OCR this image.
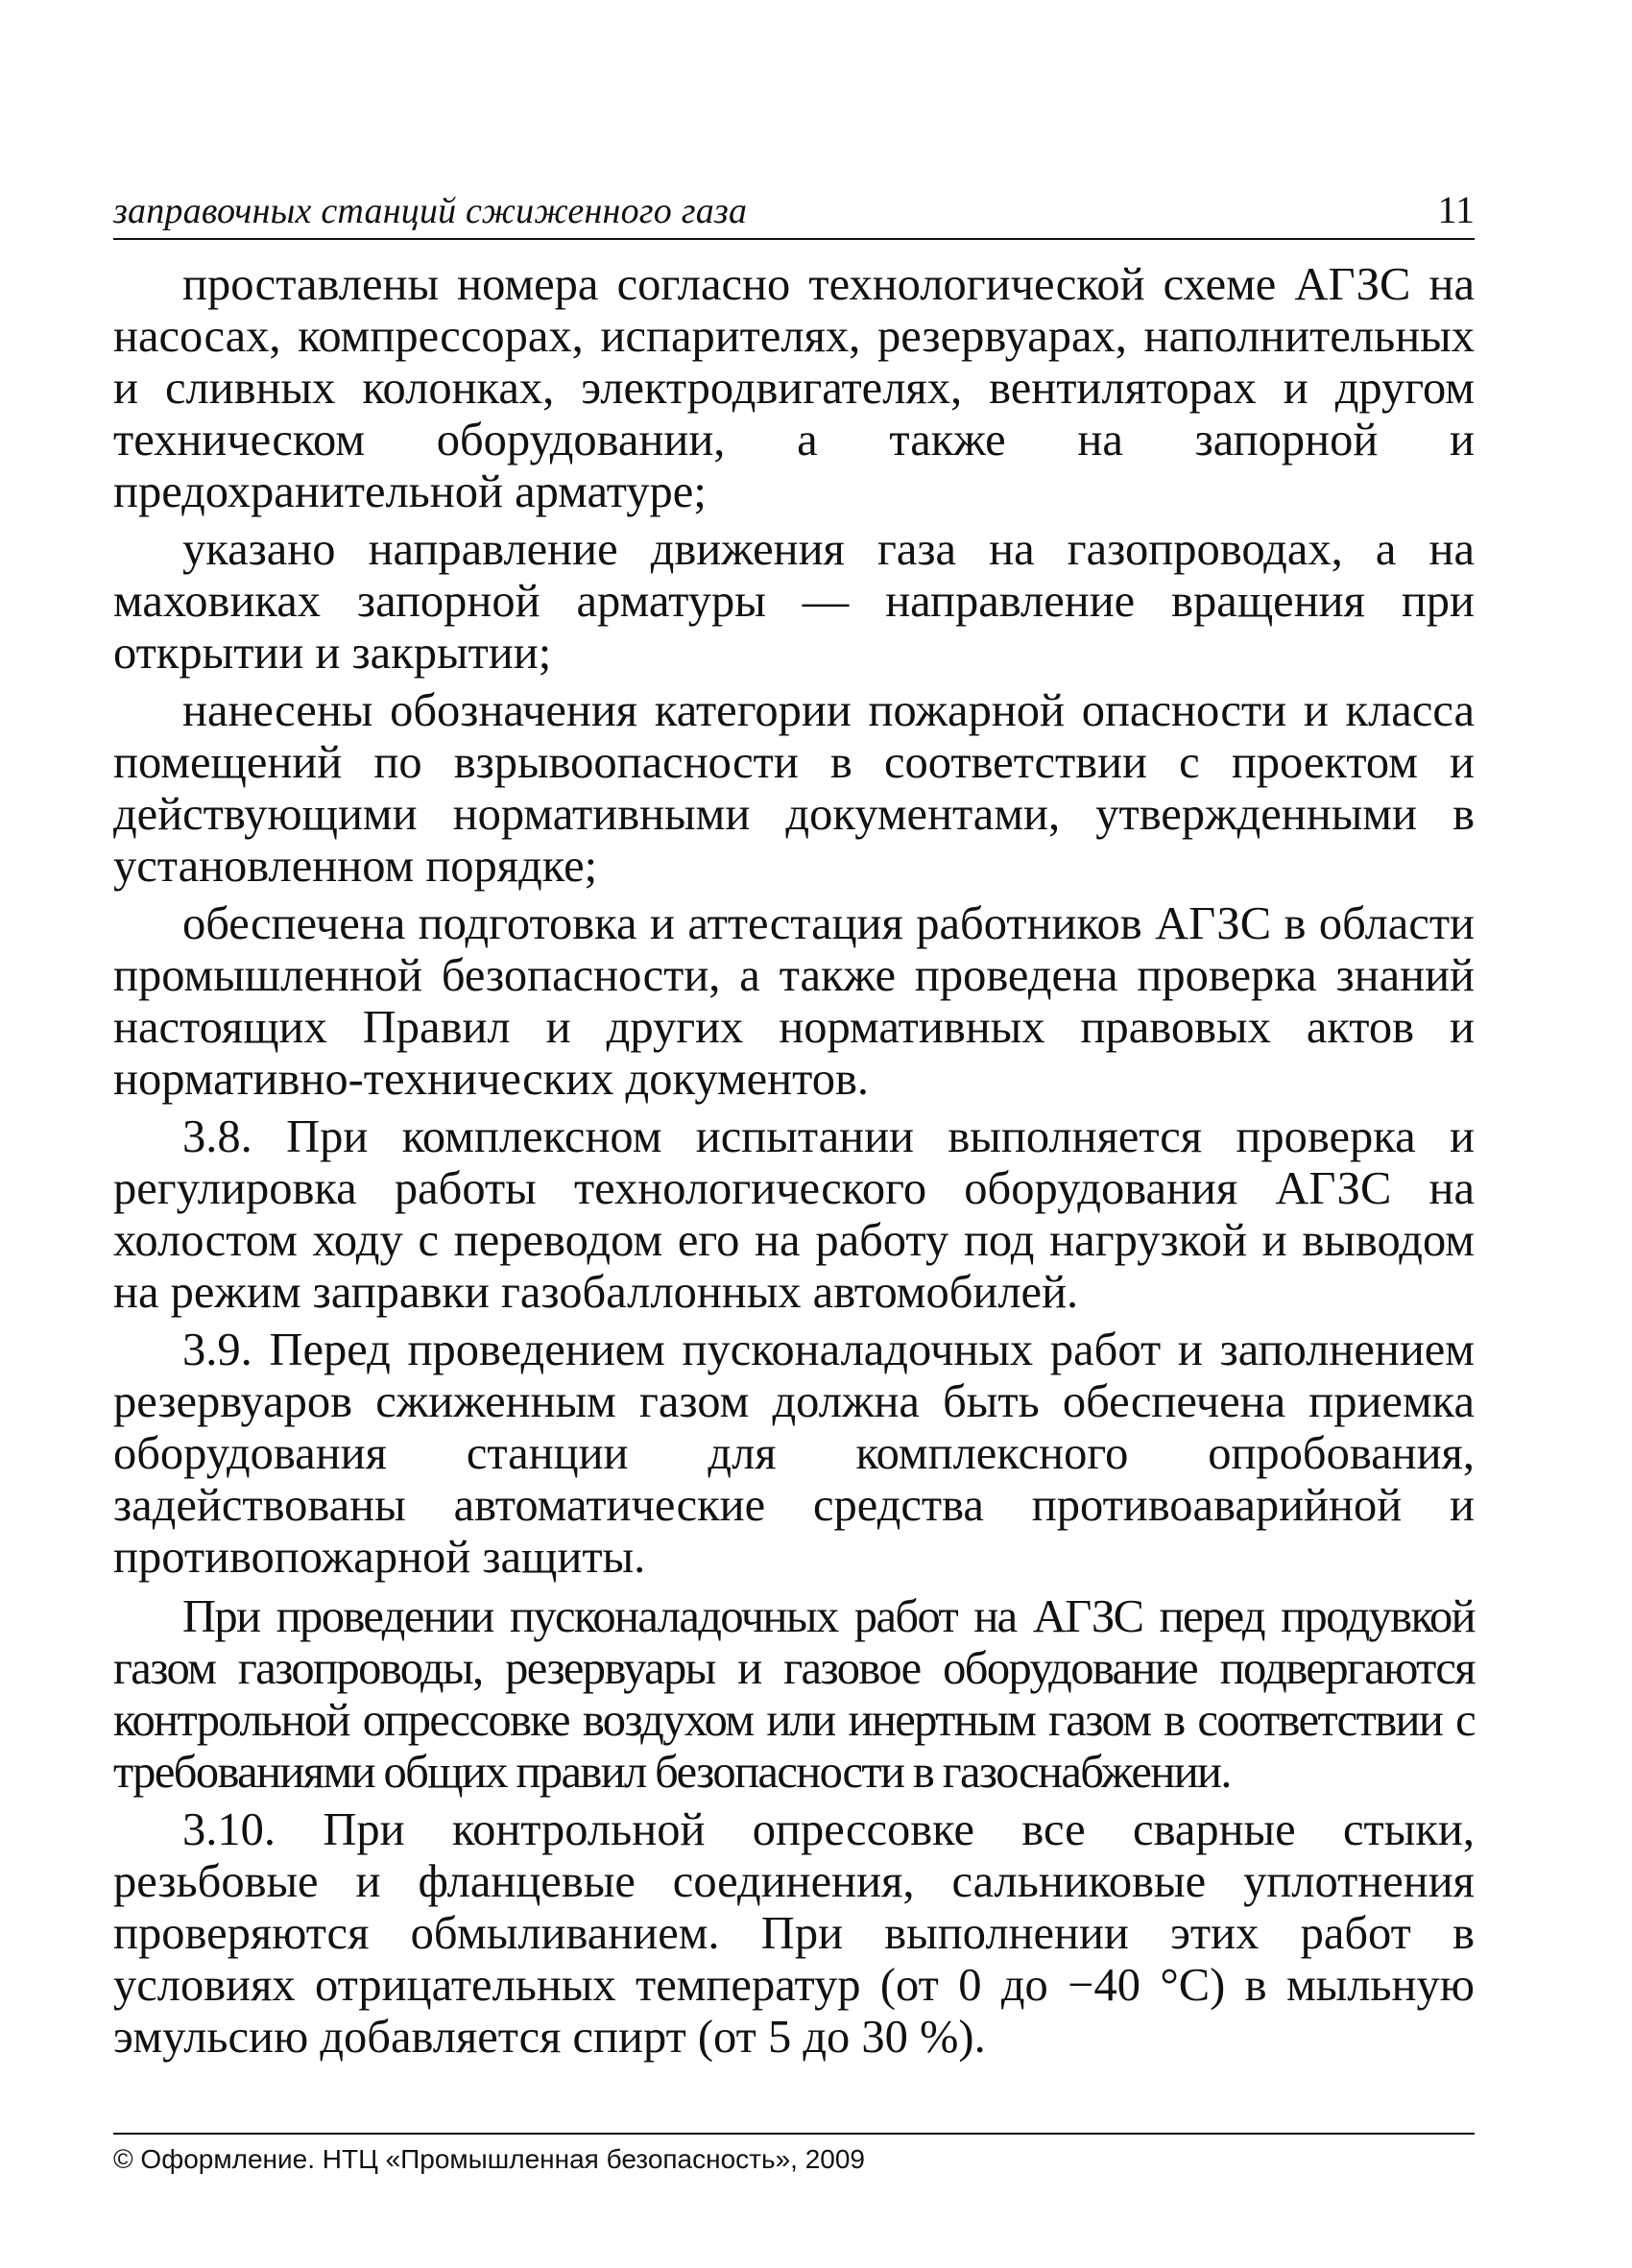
заправочных станций сжиженного газа	11

проставлены номера согласно технологической схеме АГЗС на насосах, компрессорах, испарителях, резервуарах, наполнительных и сливных колонках, электродвигателях, вентиляторах и другом техническом оборудовании, а также на запорной и предохранительной арматуре;

указано направление движения газа на газопроводах, а на маховиках запорной арматуры — направление вращения при открытии и закрытии;

нанесены обозначения категории пожарной опасности и класса помещений по взрывоопасности в соответствии с проектом и действующими нормативными документами, утвержденными в установленном порядке;

обеспечена подготовка и аттестация работников АГЗС в области промышленной безопасности, а также проведена проверка знаний настоящих Правил и других нормативных правовых актов и нормативно-технических документов.

3.8. При комплексном испытании выполняется проверка и регулировка работы технологического оборудования АГЗС на холостом ходу с переводом его на работу под нагрузкой и выводом на режим заправки газобаллонных автомобилей.

3.9. Перед проведением пусконаладочных работ и заполнением резервуаров сжиженным газом должна быть обеспечена приемка оборудования станции для комплексного опробования, задействованы автоматические средства противоаварийной и противопожарной защиты.

При проведении пусконаладочных работ на АГЗС перед продувкой газом газопроводы, резервуары и газовое оборудование подвергаются контрольной опрессовке воздухом или инертным газом в соответствии с требованиями общих правил безопасности в газоснабжении.

3.10. При контрольной опрессовке все сварные стыки, резьбовые и фланцевые соединения, сальниковые уплотнения проверяются обмыливанием. При выполнении этих работ в условиях отрицательных температур (от 0 до −40 °С) в мыльную эмульсию добавляется спирт (от 5 до 30 %).

© Оформление. НТЦ «Промышленная безопасность», 2009
